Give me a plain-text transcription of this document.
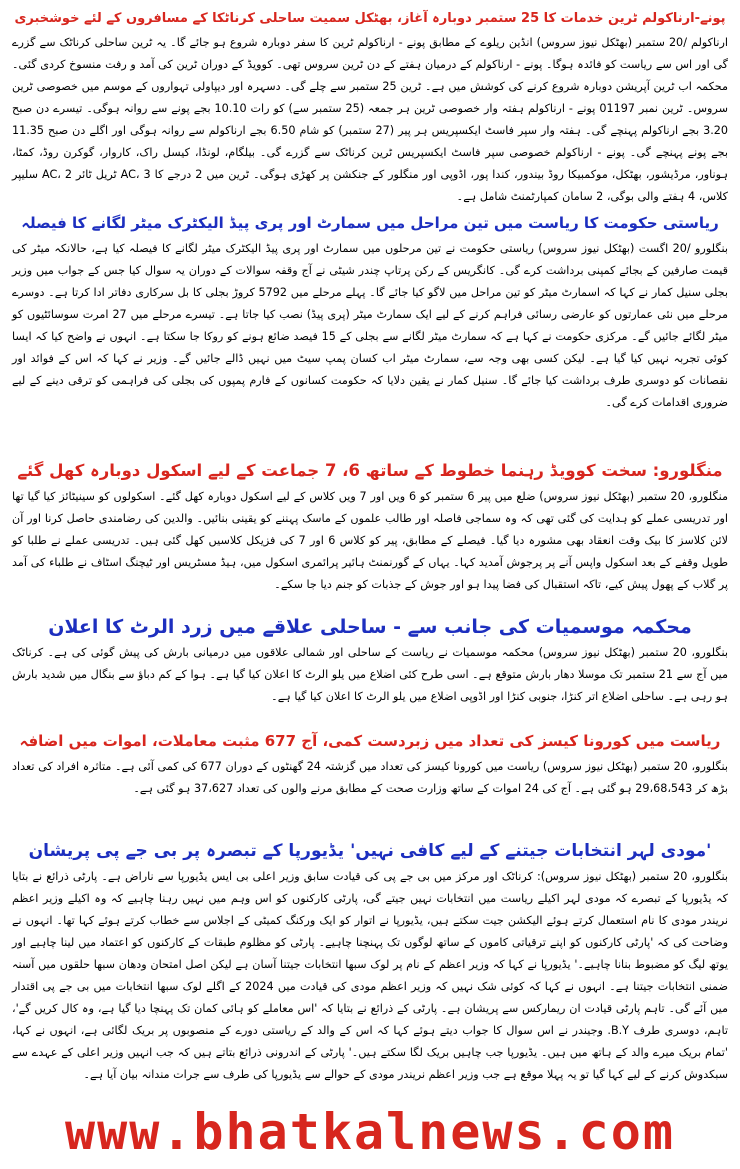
پونے-ارناکولم ٹرین خدمات کا 25 ستمبر دوبارہ آغاز، بھٹکل سمیت ساحلی کرناٹکا کے مسافروں کے لئے خوشخبری

ارناکولم /20 ستمبر (بھٹکل نیوز سروس) انڈین ریلوے کے مطابق پونے - ارناکولم ٹرین کا سفر دوبارہ شروع ہو جائے گا۔ یہ ٹرین ساحلی کرناٹک سے گزرے گی اور اس سے ریاست کو فائدہ ہوگا۔ پونے - ارناکولم کے درمیان ہفتے کے دن ٹرین سروس تھی۔ کوویڈ کے دوران ٹرین کی آمد و رفت منسوخ کردی گئی۔ محکمہ اب ٹرین آپریشن دوبارہ شروع کرنے کی کوشش میں ہے۔ ٹرین 25 ستمبر سے چلے گی۔ دسہرہ اور دیپاولی تہواروں کے موسم میں خصوصی ٹرین سروس۔ ٹرین نمبر 01197 پونے - ارناکولم ہفتہ وار خصوصی ٹرین ہر جمعہ (25 ستمبر سے) کو رات 10.10 بجے پونے سے روانہ ہوگی۔ تیسرے دن صبح 3.20 بجے ارناکولم پہنچے گی۔ ہفتہ وار سپر فاسٹ ایکسپریس ہر پیر (27 ستمبر) کو شام 6.50 بجے ارناکولم سے روانہ ہوگی اور اگلے دن صبح 11.35 بجے پونے پہنچے گی۔ پونے - ارناکولم خصوصی سپر فاسٹ ایکسپریس ٹرین کرناٹک سے گزرے گی۔ بیلگام، لونڈا، کیسل راک، کاروار، گوکرن روڈ، کمٹا، ہوناور، مرڈیشور، بھٹکل، موکمبیکا روڈ بیندور، کندا پور، اڈوپی اور منگلور کے جنکشن پر کھڑی ہوگی۔ ٹرین میں 2 درجے کا AC، 3 ٹریل ٹائر AC، 2 سلیپر کلاس، 4 ہفتے والی بوگی، 2 سامان کمپارٹمنٹ شامل ہے۔

ریاستی حکومت کا ریاست میں تین مراحل میں سمارٹ اور پری پیڈ الیکٹرک میٹر لگانے کا فیصلہ

بنگلورو /20 اگست (بھٹکل نیوز سروس) ریاستی حکومت نے تین مرحلوں میں سمارٹ اور پری پیڈ الیکٹرک میٹر لگانے کا فیصلہ کیا ہے، حالانکہ میٹر کی قیمت صارفین کے بجائے کمپنی برداشت کرے گی۔ کانگریس کے رکن پرتاپ چندر شیٹی نے آج وقفہ سوالات کے دوران یہ سوال کیا جس کے جواب میں وزیر بجلی سنیل کمار نے کہا کہ اسمارٹ میٹر کو تین مراحل میں لاگو کیا جائے گا۔ پہلے مرحلے میں 5792 کروڑ بجلی کا بل سرکاری دفاتر ادا کرتا ہے۔ دوسرے مرحلے میں نئی عمارتوں کو عارضی رسائی فراہم کرنے کے لیے ایک سمارٹ میٹر (پری پیڈ) نصب کیا جاتا ہے۔ تیسرے مرحلے میں 27 امرت سوسائٹیوں کو میٹر لگائے جائیں گے۔ مرکزی حکومت نے کہا ہے کہ سمارٹ میٹر لگانے سے بجلی کے 15 فیصد ضائع ہونے کو روکا جا سکتا ہے۔ انہوں نے واضح کیا کہ ایسا کوئی تجربہ نہیں کیا گیا ہے۔ لیکن کسی بھی وجہ سے، سمارٹ میٹر اب کسان پمپ سیٹ میں نہیں ڈالے جائیں گے۔ وزیر نے کہا کہ اس کے فوائد اور نقصانات کو دوسری طرف برداشت کیا جائے گا۔ سنیل کمار نے یقین دلایا کہ حکومت کسانوں کے فارم پمپوں کی بجلی کی فراہمی کو ترقی دینے کے لیے ضروری اقدامات کرے گی۔

منگلورو: سخت کوویڈ رہنما خطوط کے ساتھ 6، 7 جماعت کے لیے اسکول دوبارہ کھل گئے

منگلورو، 20 ستمبر (بھٹکل نیوز سروس) ضلع میں پیر 6 ستمبر کو 6 ویں اور 7 ویں کلاس کے لیے اسکول دوبارہ کھل گئے۔ اسکولوں کو سینیٹائز کیا گیا تھا اور تدریسی عملے کو ہدایت کی گئی تھی کہ وہ سماجی فاصلہ اور طالب علموں کے ماسک پہننے کو یقینی بنائیں۔ والدین کی رضامندی حاصل کرنا اور آن لائن کلاسز کا بیک وقت انعقاد بھی مشورہ دیا گیا۔ فیصلے کے مطابق، پیر کو کلاس 6 اور 7 کی فزیکل کلاسیں کھل گئی ہیں۔ تدریسی عملے نے طلبا کو طویل وقفے کے بعد اسکول واپس آنے پر پرجوش آمدید کہا۔ یہاں کے گورنمنٹ ہائیر پرائمری اسکول میں، ہیڈ مسٹریس اور ٹیچنگ اسٹاف نے طلباء کی آمد پر گلاب کے پھول پیش کیے، تاکہ استقبال کی فضا پیدا ہو اور جوش کے جذبات کو جنم دیا جا سکے۔

محکمہ موسمیات کی جانب سے - ساحلی علاقے میں زرد الرٹ کا اعلان

بنگلورو، 20 ستمبر (بھٹکل نیوز سروس) محکمہ موسمیات نے ریاست کے ساحلی اور شمالی علاقوں میں درمیانی بارش کی پیش گوئی کی ہے۔ کرناٹک میں آج سے 21 ستمبر تک موسلا دھار بارش متوقع ہے۔ اسی طرح کئی اضلاع میں یلو الرٹ کا اعلان کیا گیا ہے۔ ہوا کے کم دباؤ سے بنگال میں شدید بارش ہو رہی ہے۔ ساحلی اضلاع اتر کنڑا، جنوبی کنڑا اور اڈوپی اضلاع میں یلو الرٹ کا اعلان کیا گیا ہے۔

ریاست میں کورونا کیسز کی تعداد میں زبردست کمی، آج 677 مثبت معاملات، اموات میں اضافہ

بنگلورو، 20 ستمبر (بھٹکل نیوز سروس) ریاست میں کورونا کیسز کی تعداد میں گزشتہ 24 گھنٹوں کے دوران 677 کی کمی آئی ہے۔ متاثرہ افراد کی تعداد بڑھ کر 29،68،543 ہو گئی ہے۔ آج کی 24 اموات کے ساتھ وزارت صحت کے مطابق مرنے والوں کی تعداد 37،627 ہو گئی ہے۔

'مودی لہر انتخابات جیتنے کے لیے کافی نہیں' یڈیورپا کے تبصرہ پر بی جے پی پریشان

بنگلورو، 20 ستمبر (بھٹکل نیوز سروس): کرناٹک اور مرکز میں بی جے پی کی قیادت سابق وزیر اعلی بی ایس یڈیورپا سے ناراض ہے۔ پارٹی ذرائع نے بتایا کہ یڈیورپا کے تبصرے کہ مودی لہر اکیلے ریاست میں انتخابات نہیں جیتے گی، پارٹی کارکنوں کو اس وہم میں نہیں رہنا چاہیے کہ وہ اکیلے وزیر اعظم نریندر مودی کا نام استعمال کرتے ہوئے الیکشن جیت سکتے ہیں، یڈیورپا نے اتوار کو ایک ورکنگ کمیٹی کے اجلاس سے خطاب کرتے ہوئے کہا تھا۔ انہوں نے وضاحت کی کہ 'پارٹی کارکنوں کو اپنے ترقیاتی کاموں کے ساتھ لوگوں تک پہنچنا چاہیے۔ پارٹی کو مظلوم طبقات کے کارکنوں کو اعتماد میں لینا چاہیے اور یوتھ لیگ کو مضبوط بنانا چاہیے۔' یڈیورپا نے کہا کہ وزیر اعظم کے نام پر لوک سبھا انتخابات جیتنا آسان ہے لیکن اصل امتحان ودھان سبھا حلقوں میں آسنہ ضمنی انتخابات جیتنا ہے۔ انہوں نے کہا کہ کوئی شک نہیں کہ وزیر اعظم مودی کی قیادت میں 2024 کے اگلے لوک سبھا انتخابات میں بی جے پی اقتدار میں آئے گی۔ تاہم پارٹی قیادت ان ریمارکس سے پریشان ہے۔ پارٹی کے ذرائع نے بتایا کہ 'اس معاملے کو ہائی کمان تک پہنچا دیا گیا ہے، وہ کال کریں گے'، تاہم، دوسری طرف B.Y. وجیندر نے اس سوال کا جواب دیتے ہوئے کہا کہ اس کے والد کے ریاستی دورے کے منصوبوں پر بریک لگائی ہے، انہوں نے کہا، 'تمام بریک میرے والد کے ہاتھ میں ہیں۔ یڈیورپا جب چاہیں بریک لگا سکتے ہیں۔' پارٹی کے اندرونی ذرائع بتاتے ہیں کہ جب انہیں وزیر اعلی کے عہدے سے سبکدوش کرنے کے لیے کہا گیا تو یہ پہلا موقع ہے جب وزیر اعظم نریندر مودی کے حوالے سے یڈیورپا کی طرف سے جرات مندانہ بیان آیا ہے۔

www.bhatkalnews.com
